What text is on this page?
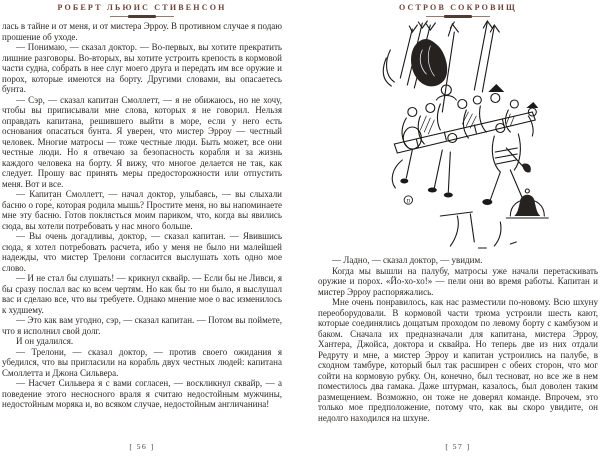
РОБЕРТ ЛЬЮИС СТИВЕНСОН

лась в тайне и от меня, и от мистера Эрроу. В противном случае я подаю прошение об уходе.

— Понимаю, — сказал доктор. — Во-первых, вы хотите прекратить лишние разговоры. Во-вторых, вы хотите устроить крепость в кормовой части судна, собрать в нее слуг моего друга и передать им все оружие и порох, которые имеются на борту. Другими словами, вы опасаетесь бунта.

— Сэр, — сказал капитан Смоллетт, — я не обижаюсь, но не хочу, чтобы вы приписывали мне слова, которых я не говорил. Нельзя оправдать капитана, решившего выйти в море, если у него есть основания опасаться бунта. Я уверен, что мистер Эрроу — честный человек. Многие матросы — тоже честные люди. Быть может, все они честные люди. Но я отвечаю за безопасность корабля и за жизнь каждого человека на борту. Я вижу, что многое делается не так, как следует. Прошу вас принять меры предосторожности или отпустить меня. Вот и все.

— Капитан Смоллетт, — начал доктор, улыбаясь, — вы слыхали басню о горе́, которая родила мышь? Простите меня, но вы напоминаете мне эту басню. Готов поклясться моим париком, что, когда вы явились сюда, вы хотели потребовать у нас много больше.

— Вы очень догадливы, доктор, — сказал капитан. — Явившись сюда, я хотел потребовать расчета, ибо у меня не было ни малейшей надежды, что мистер Трелони согласится выслушать хоть одно мое слово.

— И не стал бы слушать! — крикнул сквайр. — Если бы не Ливси, я бы сразу послал вас ко всем чертям. Но как бы то ни было, я выслушал вас и сделаю все, что вы требуете. Однако мнение мое о вас изменилось к худшему.

— Это как вам угодно, сэр, — сказал капитан. — Потом вы поймете, что я исполнил свой долг.

И он удалился.

— Трелони, — сказал доктор, — против своего ожидания я убедился, что вы пригласили на корабль двух честных людей: капитана Смоллетта и Джона Сильвера.

— Насчет Сильвера я с вами согласен, — воскликнул сквайр, — а поведение этого несносного враля я считаю недостойным мужчины, недостойным моряка и, во всяком случае, недостойным англичанина!

[ 56 ]
ОСТРОВ СОКРОВИЩ
D

— Ладно, — сказал доктор, — увидим.

Когда мы вышли на палубу, матросы уже начали перетаскивать оружие и порох. «Йо-хо-хо!» — пели они во время работы. Капитан и мистер Эрроу распоряжались.

Мне очень понравилось, как нас разместили по-новому. Всю шхуну переоборудовали. В кормовой части трюма устроили шесть кают, которые соединялись дощатым проходом по левому борту с камбузом и баком. Сначала их предназначали для капитана, мистера Эрроу, Хантера, Джойса, доктора и сквайра. Но теперь две из них отдали Редруту и мне, а мистер Эрроу и капитан устроились на палубе, в сходном тамбуре, который был так расширен с обеих сторон, что мог сойти на кормовую рубку. Он, конечно, был тесноват, но все же в нем поместилось два гамака. Даже штурман, казалось, был доволен таким размещением. Возможно, он тоже не доверял команде. Впрочем, это только мое предположение, потому что, как вы скоро увидите, он недолго находился на шхуне.

[ 57 ]
